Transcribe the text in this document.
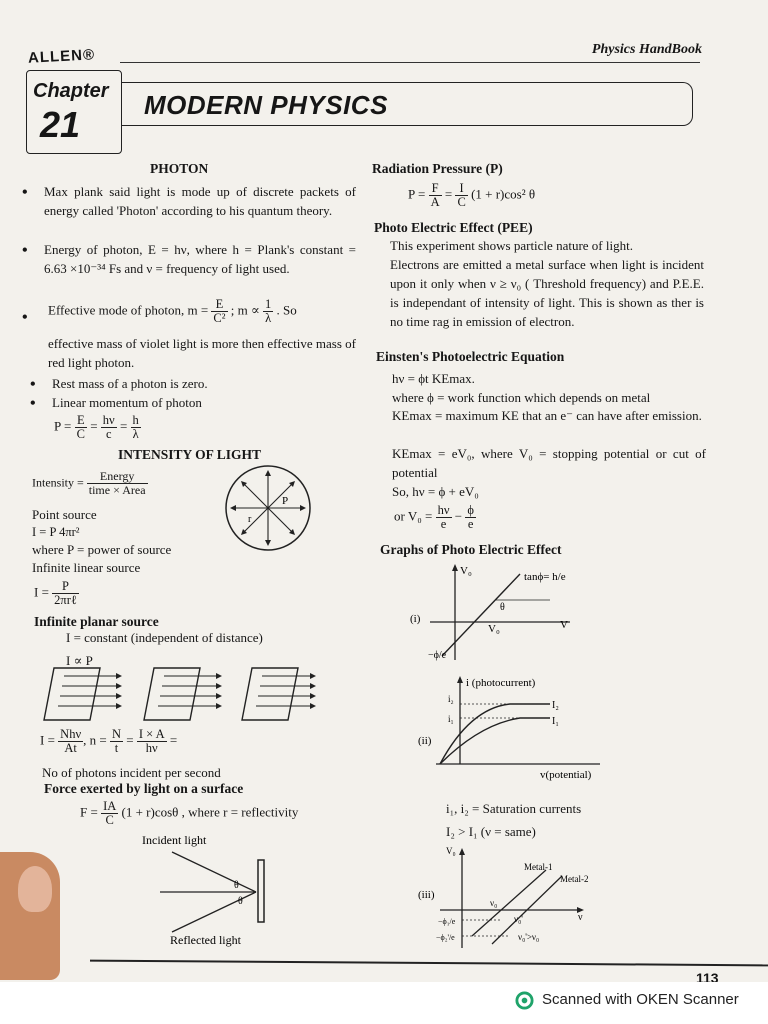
ALLEN®	Physics HandBook
Chapter
21 MODERN PHYSICS
PHOTON
• Max plank said light is mode up of discrete packets of energy called 'Photon' according to his quantum theory.
• Energy of photon, E = hν, where h = Plank's constant = 6.63 ×10⁻³⁴ Fs and ν = frequency of light used.
• Effective mode of photon, $m = \frac{E}{\text{C²}}$ ; $m \propto \frac{1}{\lambda}$ . So
effective mass of violet light is more then effective mass of red light photon.
• Rest mass of a photon is zero.
• Linear momentum of photon
$P = \frac{E}{C} = \frac{h\nu}{c} = \frac{h}{\lambda}$
INTENSITY OF LIGHT
Intensity = $\frac{\text{Energy}}{\text{time × Area}}$
P
r
Point source
I = P 4πr²
where P = power of source
Infinite linear source
$I = \frac{P}{\text{2πrℓ}}$
Infinite planar source
I = constant (independent of distance)
I ∝ P
$I = \frac{\text{Nhν}}{At}$ , $n = \frac{N}{t} = \frac{I \times A}{h\nu}$ =
No of photons incident per second
Force exerted by light on a surface
$F = \frac{IA}{C} (1 + r)\cos\theta$ , where r = reflectivity
Incident light
θ
θ
Reflected light
Radiation Pressure (P)
$P = \frac{F}{A} = \frac{I}{C} (1 + r)\cos^2$ θ
Photo Electric Effect (PEE)
This experiment shows particle nature of light.
Electrons are emitted a metal surface when light is incident upon it only when ν ≥ ν₀ ( Threshold frequency) and P.E.E. is independant of intensity of light. This is shown as ther is no time rag in emission of electron.
Einsten's Photoelectric Equation
hν = ϕt KEmax.
where ϕ = work function which depends on metal
KEmax = maximum KE that an e⁻ can have after emission.
KEmax = eV₀, where V₀ = stopping potential or cut of potential
So, hν = ϕ + eV₀
or $V_0 = \frac{h\nu}{e} - \frac{\phi}{e}$
Graphs of Photo Electric Effect
V₀
V
V₀
tanϕ= h/e
θ
−ϕ/e
(i)
i (photocurrent)
i₂
i₁
I₂
I₁
(ii)
v(potential)
i₁, i₂ = Saturation currents
I₂ > I₁ (ν = same)
V₀
ν
Metal-1
Metal-2
ν₀
ν₀'
ν₀'>ν₀
−ϕ₁/e
−ϕ₂'/e
(iii)
113
Scanned with OKEN Scanner
